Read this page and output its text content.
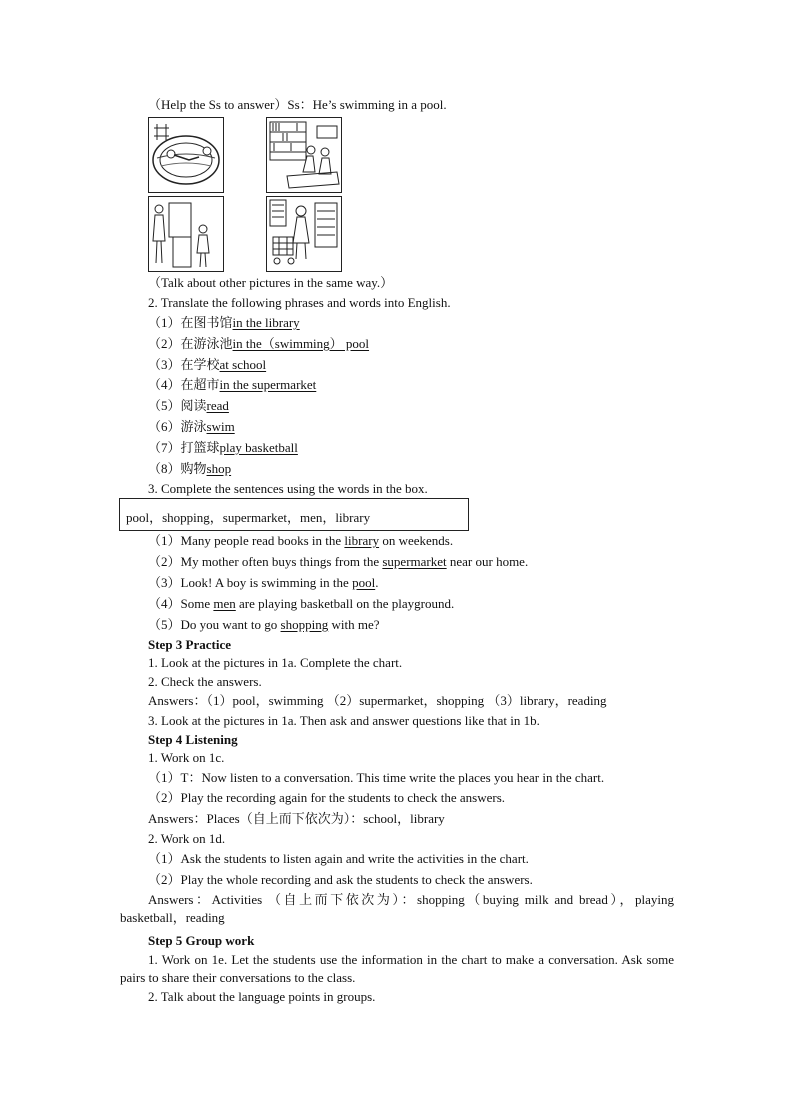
（Help the Ss to answer）Ss：He’s swimming in a pool.
（Talk about other pictures in the same way.）
2. Translate the following phrases and words into English.
（1）在图书馆in the library
（2）在游泳池in the（swimming） pool
（3）在学校at school
（4）在超市in the supermarket
（5）阅读read
（6）游泳swim
（7）打篮球play basketball
（8）购物shop
3. Complete the sentences using the words in the box.
pool，shopping，supermarket，men，library
（1）Many people read books in the library on weekends.
（2）My mother often buys things from the supermarket near our home.
（3）Look! A boy is swimming in the pool.
（4）Some men are playing basketball on the playground.
（5）Do you want to go shopping with me?
Step 3 Practice
1. Look at the pictures in 1a. Complete the chart.
2. Check the answers.
Answers：（1）pool，swimming （2）supermarket，shopping （3）library，reading
3. Look at the pictures in 1a. Then ask and answer questions like that in 1b.
Step 4 Listening
1. Work on 1c.
（1）T：Now listen to a conversation. This time write the places you hear in the chart.
（2）Play the recording again for the students to check the answers.
Answers：Places（自上而下依次为）：school，library
2. Work on 1d.
（1）Ask the students to listen again and write the activities in the chart.
（2）Play the whole recording and ask the students to check the answers.
Answers：Activities （自上而下依次为）：shopping（buying milk and bread），playing basketball，reading
Step 5 Group work
1. Work on 1e. Let the students use the information in the chart to make a conversation. Ask some pairs to share their conversations to the class.
2. Talk about the language points in groups.
